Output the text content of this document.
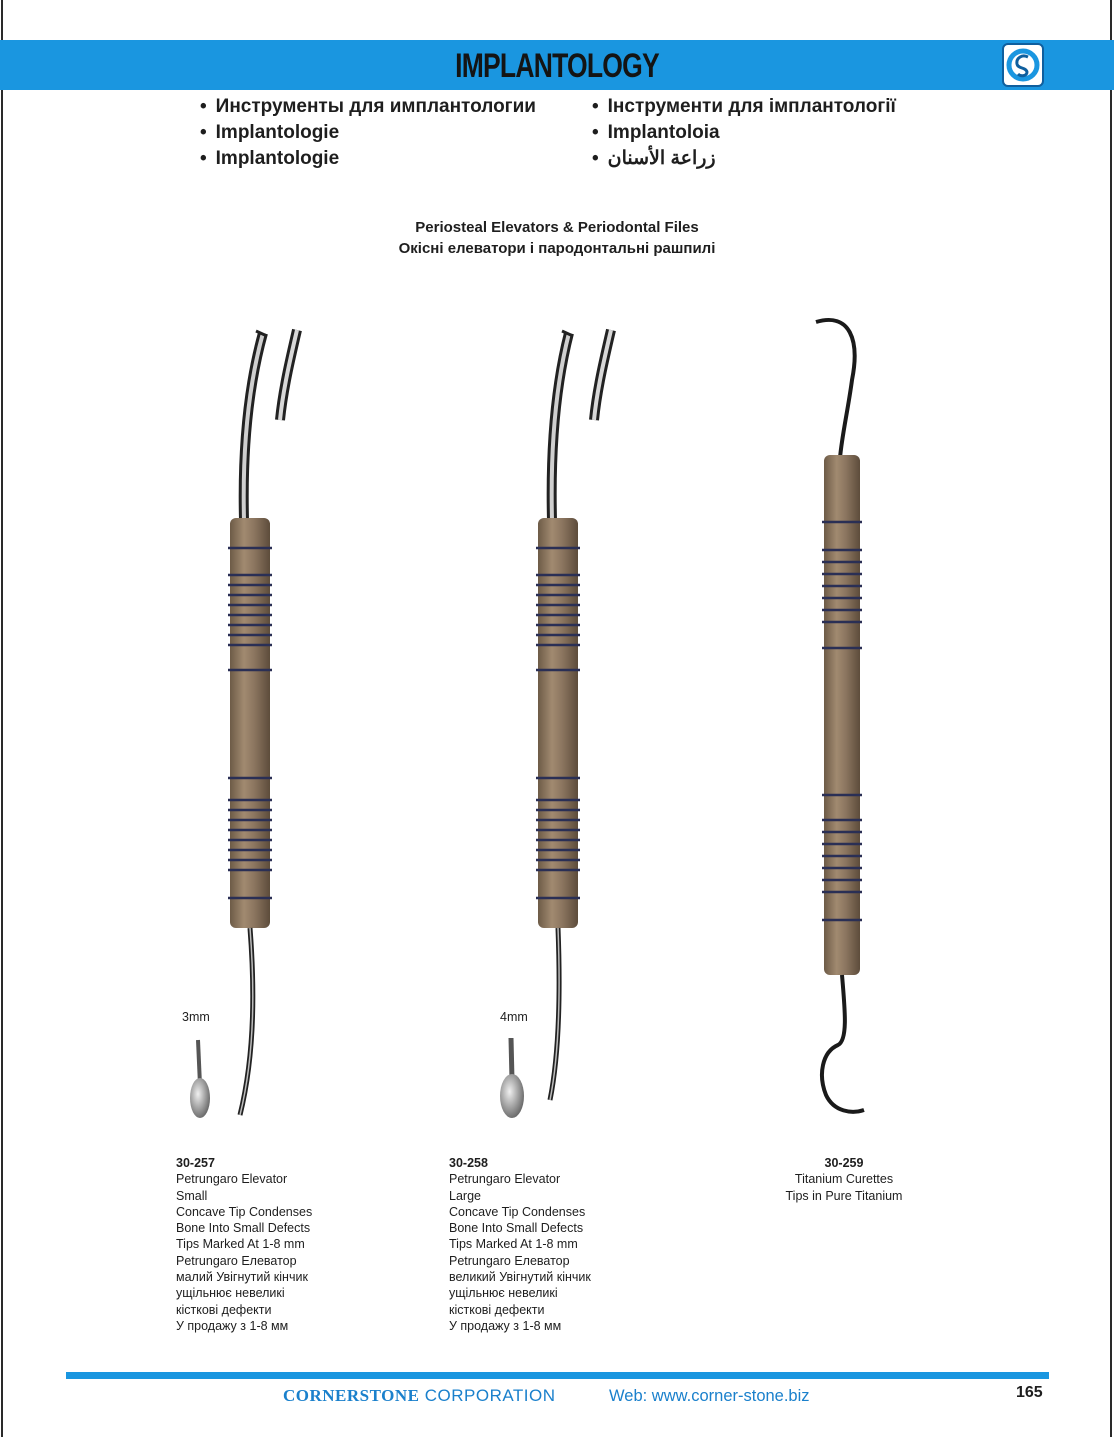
IMPLANTOLOGY
• Инструменты для имплантологии
• Implantologie
• Implantologie
• Інструменти для імплантології
• Implantoloia
• زراعة الأسنان
Periosteal Elevators & Periodontal Files
Окісні елеватори і пародонтальні рашпилі
3mm	4mm
30-257
Petrungaro Elevator
Small
Concave Tip Condenses
Bone Into Small Defects
Tips Marked At 1-8 mm
Petrungaro Елеватор
малий Увігнутий кінчик
ущільнює невеликі
кісткові дефекти
У продажу з 1-8 мм
30-258
Petrungaro Elevator
Large
Concave Tip Condenses
Bone Into Small Defects
Tips Marked At 1-8 mm
Petrungaro Елеватор
великий Увігнутий кінчик
ущільнює невеликі
кісткові дефекти
У продажу з 1-8 мм
30-259
Titanium Curettes
Tips in Pure Titanium
CORNERSTONE CORPORATION	Web: www.corner-stone.biz	165
